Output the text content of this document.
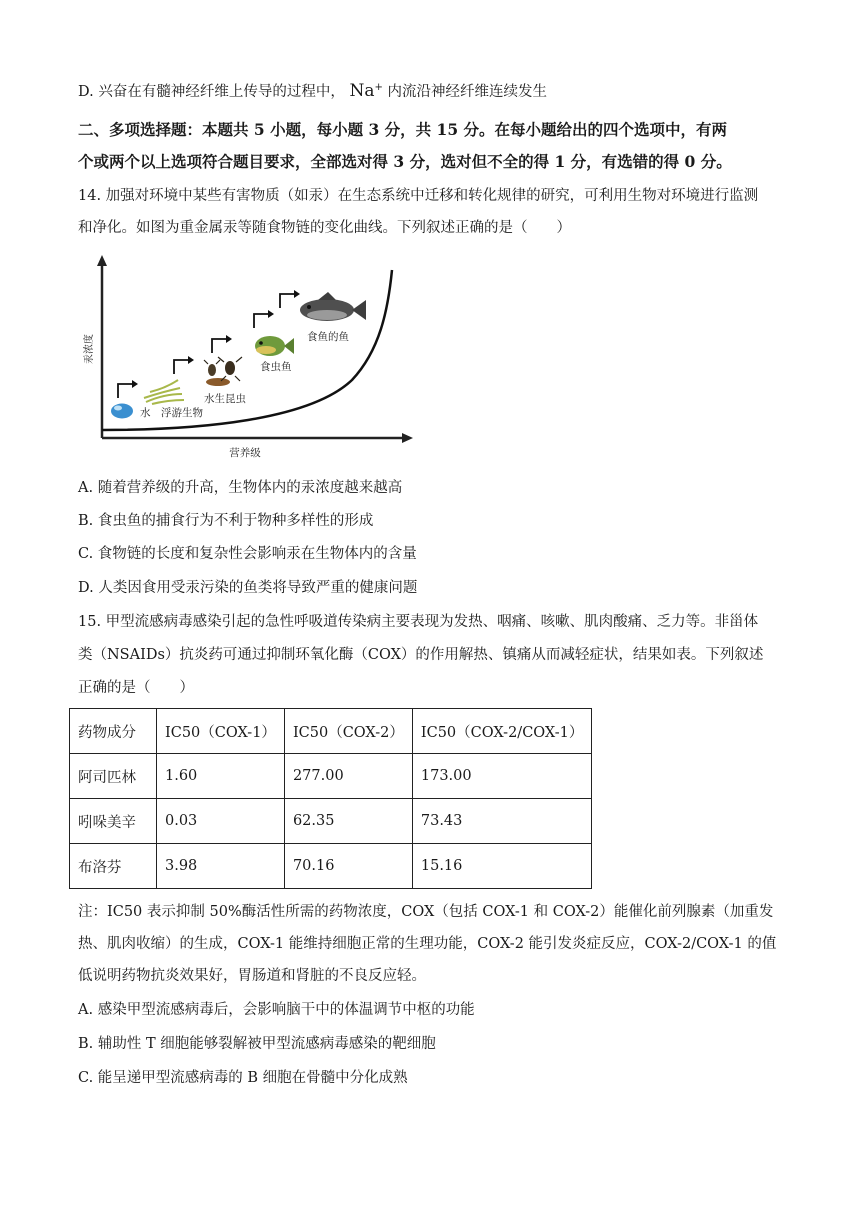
D. 兴奋在有髓神经纤维上传导的过程中， Na+ 内流沿神经纤维连续发生
二、多项选择题：本题共 5 小题，每小题 3 分，共 15 分。在每小题给出的四个选项中，有两
个或两个以上选项符合题目要求，全部选对得 3 分，选对但不全的得 1 分，有选错的得 0 分。
14. 加强对环境中某些有害物质（如汞）在生态系统中迁移和转化规律的研究，可利用生物对环境进行监测
和净化。如图为重金属汞等随食物链的变化曲线。下列叙述正确的是（　　）
汞浓度
营养级
水 浮游生物
水生昆虫
食虫鱼
食鱼的鱼
A. 随着营养级的升高，生物体内的汞浓度越来越高
B. 食虫鱼的捕食行为不利于物种多样性的形成
C. 食物链的长度和复杂性会影响汞在生物体内的含量
D. 人类因食用受汞污染的鱼类将导致严重的健康问题
15. 甲型流感病毒感染引起的急性呼吸道传染病主要表现为发热、咽痛、咳嗽、肌肉酸痛、乏力等。非甾体
类（NSAIDs）抗炎药可通过抑制环氧化酶（COX）的作用解热、镇痛从而减轻症状，结果如表。下列叙述
正确的是（　　）
药物成分	IC50（COX-1）	IC50（COX-2）	IC50（COX-2/COX-1）
阿司匹林	1.60	277.00	173.00
吲哚美辛	0.03	62.35	73.43
布洛芬	3.98	70.16	15.16
注：IC50 表示抑制 50%酶活性所需的药物浓度，COX（包括 COX-1 和 COX-2）能催化前列腺素（加重发
热、肌肉收缩）的生成，COX-1 能维持细胞正常的生理功能，COX-2 能引发炎症反应，COX-2/COX-1 的值
低说明药物抗炎效果好，胃肠道和肾脏的不良反应轻。
A. 感染甲型流感病毒后，会影响脑干中的体温调节中枢的功能
B. 辅助性 T 细胞能够裂解被甲型流感病毒感染的靶细胞
C. 能呈递甲型流感病毒的 B 细胞在骨髓中分化成熟
